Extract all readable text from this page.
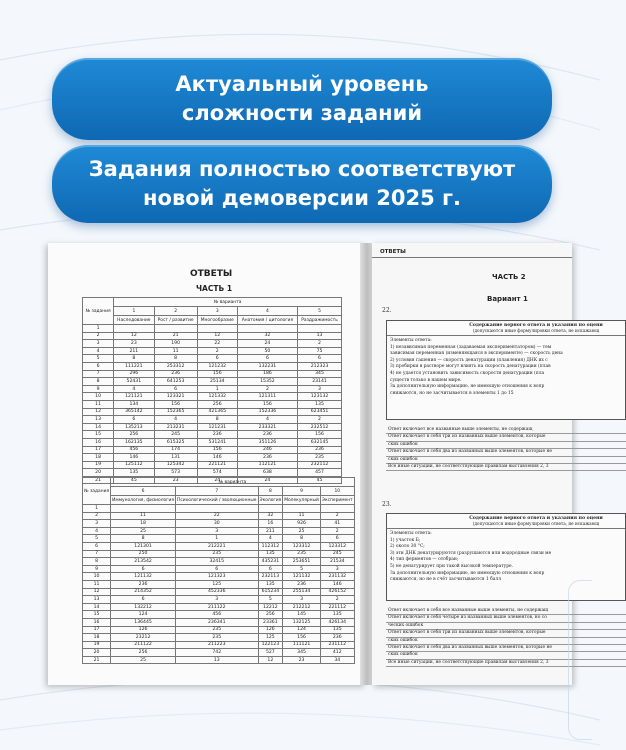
Актуальный уровень
сложности заданий
Задания полностью соответствуют
новой демоверсии 2025 г.
ОТВЕТЫ
ЧАСТЬ 1
№ задания	№ варианта				
	1	2	3	4	5
	Наследование	Рост / развитие	Многообразие	Анатомия / цитология	Раздражимость
1					
2	12	21	12	32	13
3	23	190	22	24	2
4	211	11	2	50	75
5	8	8	6	6	6
6	111221	253312	121232	132231	212323
7	296	236	156	186	345
8	52431	641253	25134	15352	23141
9	4	6	1	2	3
10	121121	123321	121332	121311	123132
11	134	156	256	156	135
12	365142	152365	421365	152336	623451
13	6	4	8	4	2
14	135213	213231	121231	233321	232512
15	256	245	236	236	156
16	162135	615325	531241	351126	632145
17	456	174	156	246	236
18	146	131	146	236	235
19	125112	125342	221121	112121	232112
20	135	573	574	638	457
21	45	23	24	24	45
№ задания	№ варианта				
	6	7	8	9	10
	Иммунология, физиология	Психологический / эволюционные	Экология	Молекулярный	Эксперимент
1					
2	11	22	32	11	2
3	18	30	16	926	41
4	25	3	211	25	2
5	8	1	4	8	6
6	121301	212221	112312	123312	123312
7	250	235	135	235	245
8	213542	32415	435231	253651	21534
9	6	6	6	5	3
10	121132	121323	232113	121132	231132
11	236	125	135	236	146
12	214352	452336	615234	255134	426152
13	6	3	5	3	2
14	132212	211122	12212	212212	221112
15	124	456	256	145	135
16	136445	236341	23361	132125	426134
17	126	235	126	124	135
18	23212	235	125	156	236
19	211122	211223	122123	111121	231112
20	256	742	527	345	412
21	25	13	12	23	34
ОТВЕТЫ
ЧАСТЬ 2
Вариант 1
22.
Содержание верного ответа и указания по оцени
(допускаются иные формулировки ответа, не искажающ
Элементы ответа:
1) независимая переменная (задаваемая экспериментатором) — тем
зависимая переменная (изменяющаяся в эксперименте) — скорость дена
2) условия гашения — скорость денатурации (плавления) ДНК их с
3) пробирки в растворе могут влиять на скорость денатурации (плав
4) не удается установить зависимость скорости денатурации (пла
существ только в нашем мире.
За дополнительную информацию, не имеющую отношения к вопр
снижаются, но не засчитывается в элементы 1 до 15
Ответ включает все названные выше элементы, не содержащ
Ответ включает в себя три из названных выше элементов, которые
ских ошибок
Ответ включает в себя два из названных выше элементов, которые не
ских ошибок
Все иные ситуации, не соответствующие правилам выставления 2, 3
23.
Содержание верного ответа и указания по оцени
(допускаются иные формулировки ответа, не искажающ
Элементы ответа:
1) участок Б;
2) около 30 °С;
3) эти ДНК денатурируются (разрушаются или водородные связи ме
4) тип ферментов — отобран;
5) не денатурирует при такой высокой температуре.
За дополнительную информацию, не имеющую отношения к вопр
снижаются, но не в счёт засчитываются 1 балл
Ответ включает в себя все названные выше элементы, не содержащ
Ответ включает в себя четыре из названных выше элементов, но со
ческих ошибок
Ответ включает в себя три из названных выше элементов, которые
ских ошибок
Ответ включает в себя два из названных выше элементов, которые не
ских ошибок
Все иные ситуации, не соответствующие правилам выставления 2, 3
